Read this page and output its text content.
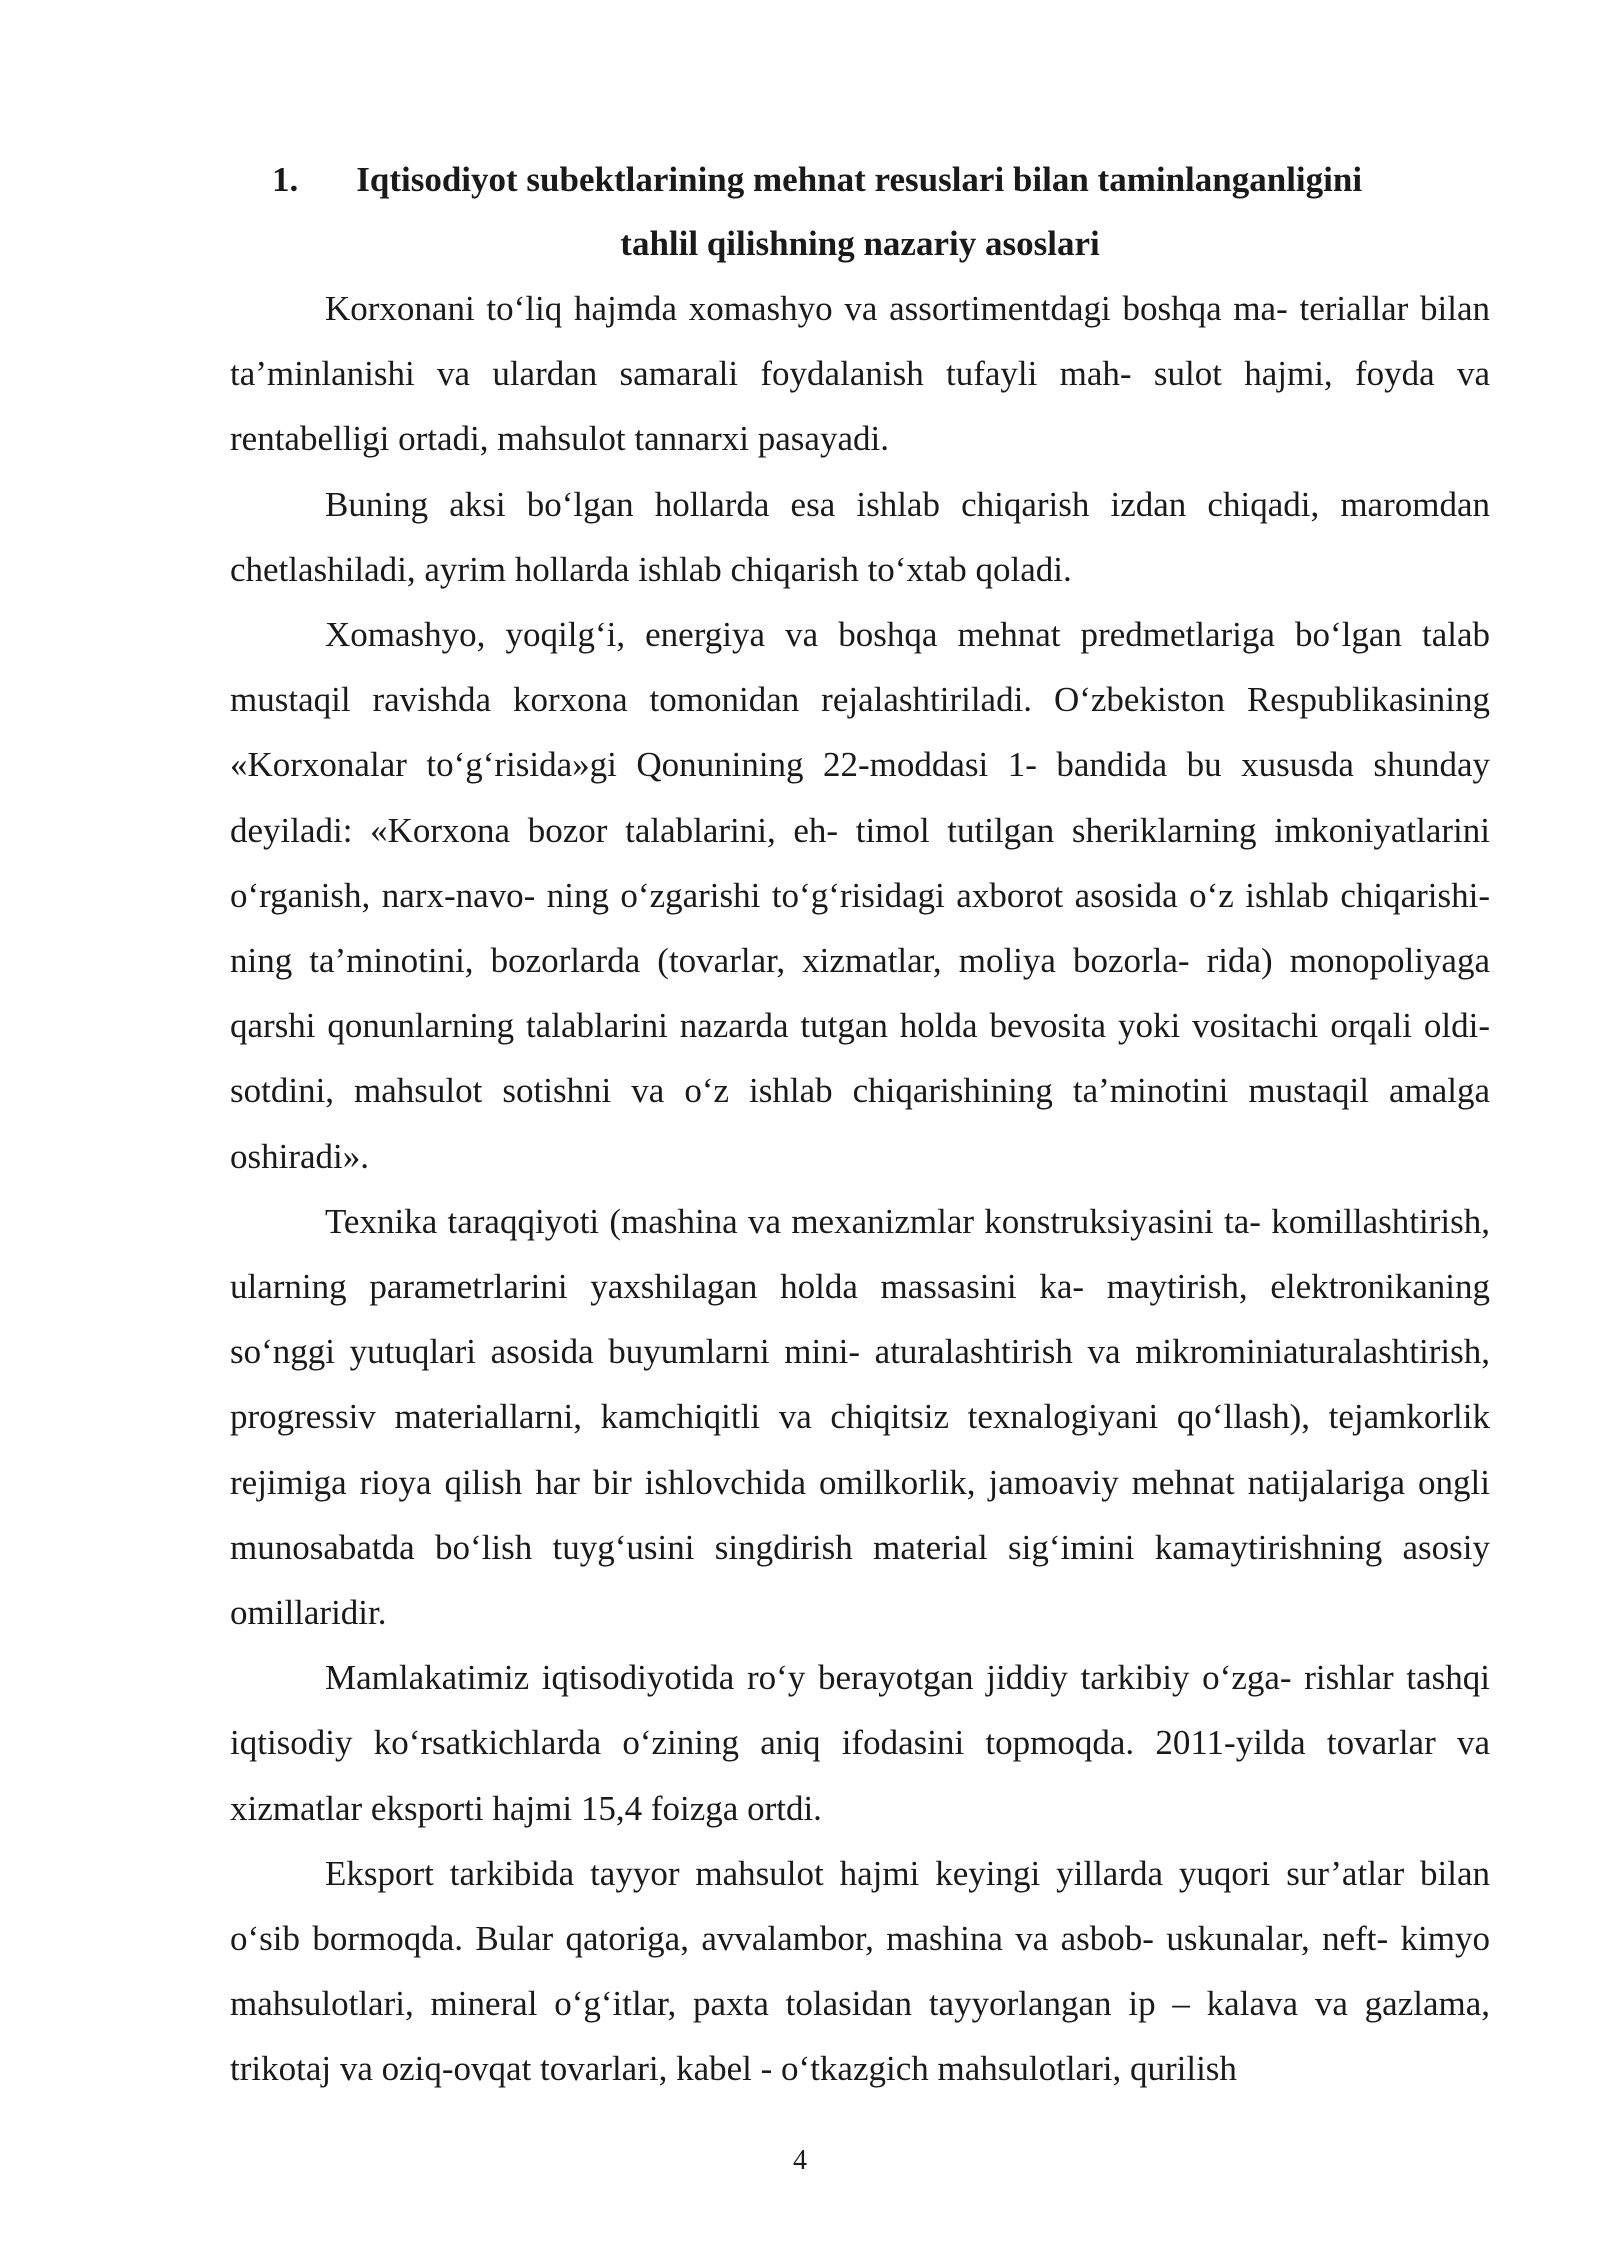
1. Iqtisodiyot subektlarining mehnat resuslari bilan taminlanganligini
tahlil qilishning nazariy asoslari

Korxonani to‘liq hajmda xomashyo va assortimentdagi boshqa ma- teriallar bilan ta’minlanishi va ulardan samarali foydalanish tufayli mah- sulot hajmi, foyda va rentabelligi ortadi, mahsulot tannarxi pasayadi.

Buning aksi bo‘lgan hollarda esa ishlab chiqarish izdan chiqadi, maromdan chetlashiladi, ayrim hollarda ishlab chiqarish to‘xtab qoladi.

Xomashyo, yoqilg‘i, energiya va boshqa mehnat predmetlariga bo‘lgan talab mustaqil ravishda korxona tomonidan rejalashtiriladi. O‘zbekiston Respublikasining «Korxonalar to‘g‘risida»gi Qonunining 22-moddasi 1- bandida bu xususda shunday deyiladi: «Korxona bozor talablarini, eh- timol tutilgan sheriklarning imkoniyatlarini o‘rganish, narx-navo- ning o‘zgarishi to‘g‘risidagi axborot asosida o‘z ishlab chiqarishi- ning ta’minotini, bozorlarda (tovarlar, xizmatlar, moliya bozorla- rida) monopoliyaga qarshi qonunlarning talablarini nazarda tutgan holda bevosita yoki vositachi orqali oldi-sotdini, mahsulot sotishni va o‘z ishlab chiqarishining ta’minotini mustaqil amalga oshiradi».

Texnika taraqqiyoti (mashina va mexanizmlar konstruksiyasini ta- komillashtirish, ularning parametrlarini yaxshilagan holda massasini ka- maytirish, elektronikaning so‘nggi yutuqlari asosida buyumlarni mini- aturalashtirish va mikrominiaturalashtirish, progressiv materiallarni, kamchiqitli va chiqitsiz texnalogiyani qo‘llash), tejamkorlik rejimiga rioya qilish har bir ishlovchida omilkorlik, jamoaviy mehnat natijalariga ongli munosabatda bo‘lish tuyg‘usini singdirish material sig‘imini kamaytirishning asosiy omillaridir.

Mamlakatimiz iqtisodiyotida ro‘y berayotgan jiddiy tarkibiy o‘zga- rishlar tashqi iqtisodiy ko‘rsatkichlarda o‘zining aniq ifodasini topmoqda. 2011-yilda tovarlar va xizmatlar eksporti hajmi 15,4 foizga ortdi.

Eksport tarkibida tayyor mahsulot hajmi keyingi yillarda yuqori sur’atlar bilan o‘sib bormoqda. Bular qatoriga, avvalambor, mashina va asbob- uskunalar, neft- kimyo mahsulotlari, mineral o‘g‘itlar, paxta tolasidan tayyorlangan ip – kalava va gazlama, trikotaj va oziq-ovqat tovarlari, kabel - o‘tkazgich mahsulotlari, qurilish

4
